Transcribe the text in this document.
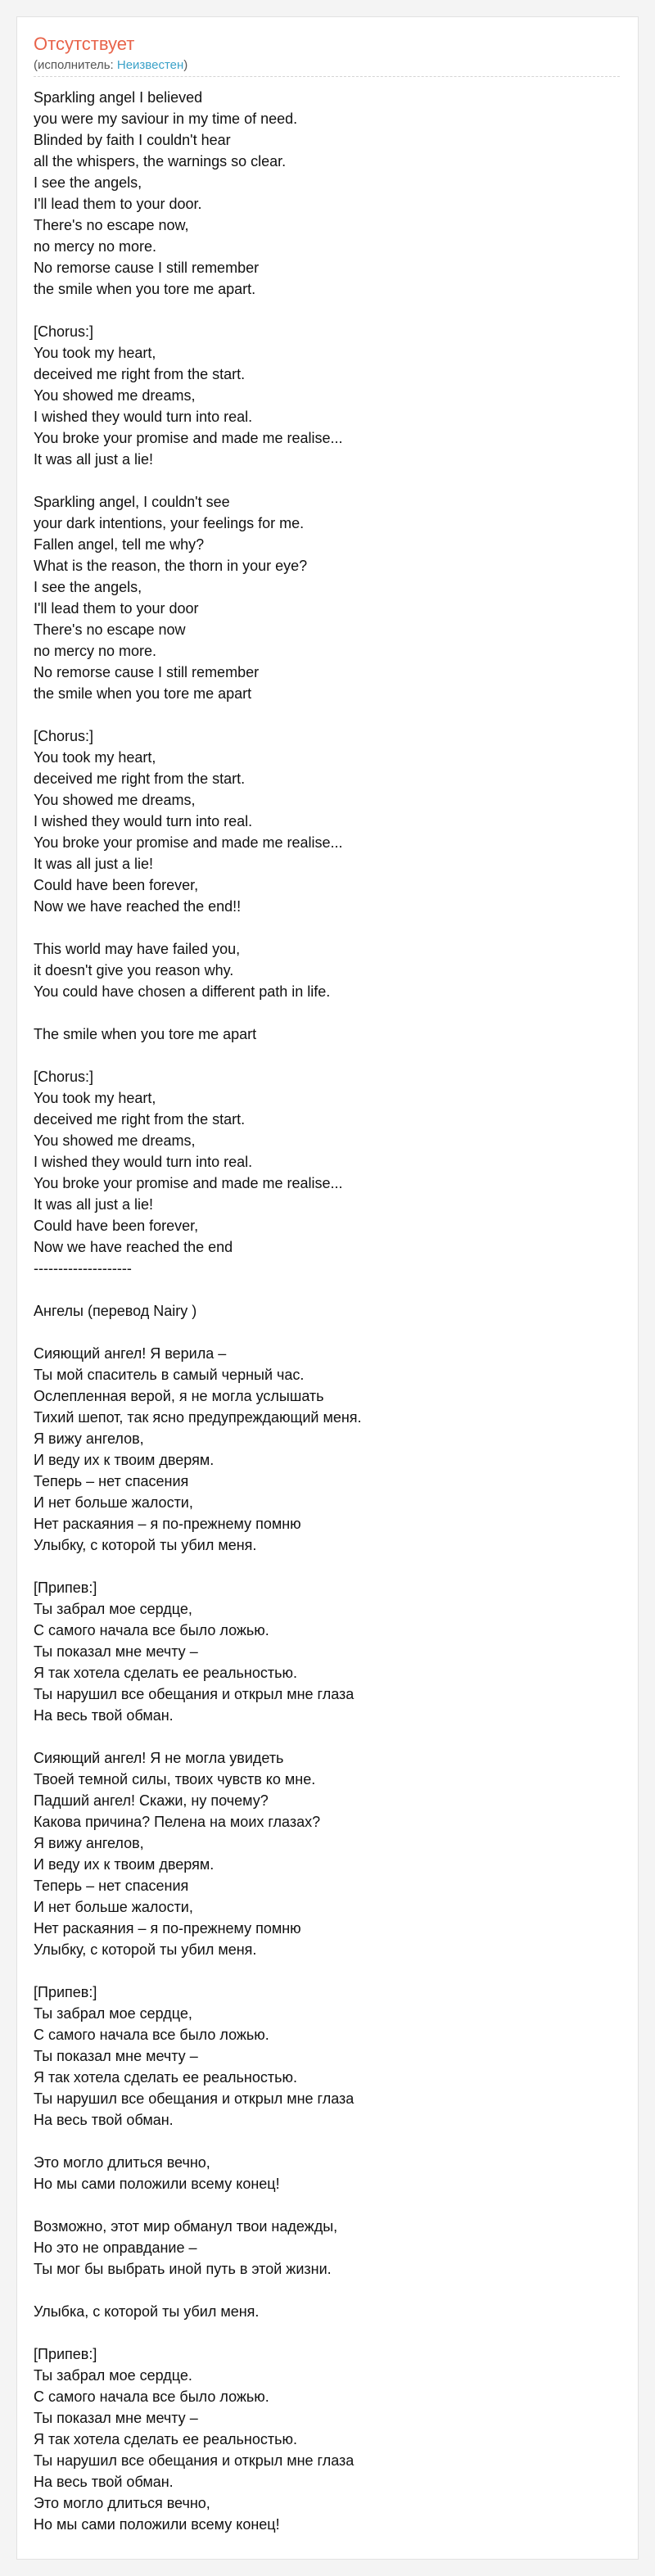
Отсутствует
(исполнитель: Неизвестен)
Sparkling angel I believed
you were my saviour in my time of need.
Blinded by faith I couldn't hear
all the whispers, the warnings so clear.
I see the angels,
I'll lead them to your door.
There's no escape now,
no mercy no more.
No remorse cause I still remember
the smile when you tore me apart.

[Chorus:]
You took my heart,
deceived me right from the start.
You showed me dreams,
I wished they would turn into real.
You broke your promise and made me realise...
It was all just a lie!

Sparkling angel, I couldn't see
your dark intentions, your feelings for me.
Fallen angel, tell me why?
What is the reason, the thorn in your eye?
I see the angels,
I'll lead them to your door
There's no escape now
no mercy no more.
No remorse cause I still remember
the smile when you tore me apart

[Chorus:]
You took my heart,
deceived me right from the start.
You showed me dreams,
I wished they would turn into real.
You broke your promise and made me realise...
It was all just a lie!
Could have been forever,
Now we have reached the end!!

This world may have failed you,
it doesn't give you reason why.
You could have chosen a different path in life.

The smile when you tore me apart

[Chorus:]
You took my heart,
deceived me right from the start.
You showed me dreams,
I wished they would turn into real.
You broke your promise and made me realise...
It was all just a lie!
Could have been forever,
Now we have reached the end
--------------------

Ангелы (перевод Nairy )

Сияющий ангел! Я верила –
Ты мой спаситель в самый черный час.
Ослепленная верой, я не могла услышать
Тихий шепот, так ясно предупреждающий меня.
Я вижу ангелов,
И веду их к твоим дверям.
Теперь – нет спасения
И нет больше жалости,
Нет раскаяния – я по-прежнему помню
Улыбку, с которой ты убил меня.

[Припев:]
Ты забрал мое сердце,
С самого начала все было ложью.
Ты показал мне мечту –
Я так хотела сделать ее реальностью.
Ты нарушил все обещания и открыл мне глаза
На весь твой обман.

Сияющий ангел! Я не могла увидеть
Твоей темной силы, твоих чувств ко мне.
Падший ангел! Скажи, ну почему?
Какова причина? Пелена на моих глазах?
Я вижу ангелов,
И веду их к твоим дверям.
Теперь – нет спасения
И нет больше жалости,
Нет раскаяния – я по-прежнему помню
Улыбку, с которой ты убил меня.

[Припев:]
Ты забрал мое сердце,
С самого начала все было ложью.
Ты показал мне мечту –
Я так хотела сделать ее реальностью.
Ты нарушил все обещания и открыл мне глаза
На весь твой обман.

Это могло длиться вечно,
Но мы сами положили всему конец!

Возможно, этот мир обманул твои надежды,
Но это не оправдание –
Ты мог бы выбрать иной путь в этой жизни.

Улыбка, с которой ты убил меня.

[Припев:]
Ты забрал мое сердце.
С самого начала все было ложью.
Ты показал мне мечту –
Я так хотела сделать ее реальностью.
Ты нарушил все обещания и открыл мне глаза
На весь твой обман.
Это могло длиться вечно,
Но мы сами положили всему конец!
